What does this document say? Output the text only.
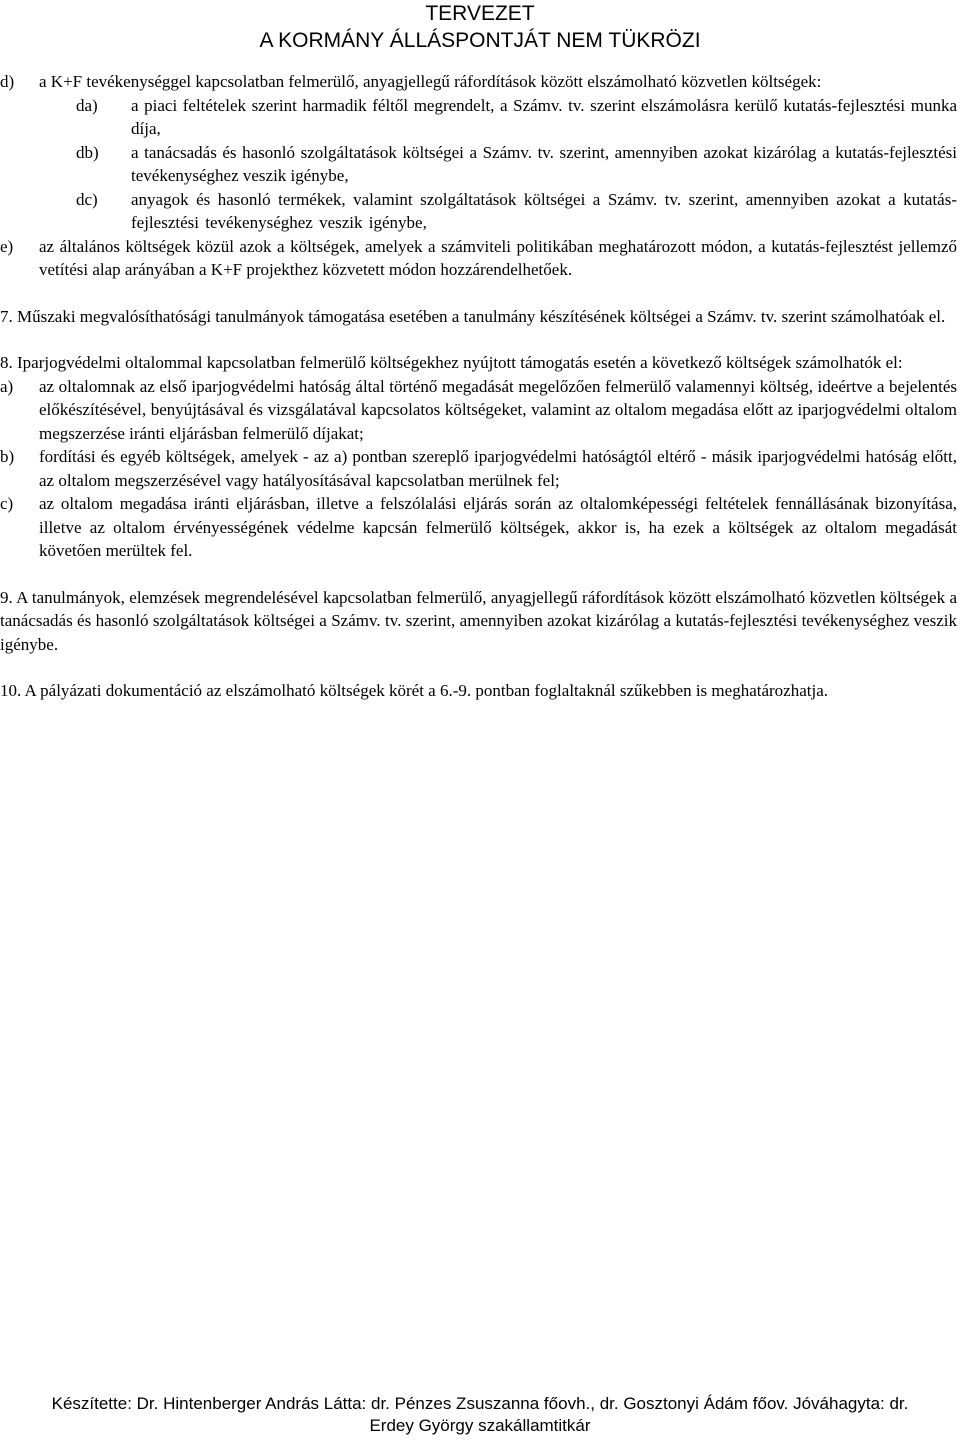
TERVEZET
A KORMÁNY ÁLLÁSPONTJÁT NEM TÜKRÖZI
d)	a K+F tevékenységgel kapcsolatban felmerülő, anyagjellegű ráfordítások között elszámolható közvetlen költségek:
da)	a piaci feltételek szerint harmadik féltől megrendelt, a Számv. tv. szerint elszámolásra kerülő kutatás-fejlesztési munka díja,
db)	a tanácsadás és hasonló szolgáltatások költségei a Számv. tv. szerint, amennyiben azokat kizárólag a kutatás-fejlesztési tevékenységhez veszik igénybe,
dc)	anyagok és hasonló termékek, valamint szolgáltatások költségei a Számv. tv. szerint, amennyiben azokat a kutatás-fejlesztési tevékenységhez veszik igénybe,
e)	az általános költségek közül azok a költségek, amelyek a számviteli politikában meghatározott módon, a kutatás-fejlesztést jellemző vetítési alap arányában a K+F projekthez közvetett módon hozzárendelhetőek.

7. Műszaki megvalósíthatósági tanulmányok támogatása esetében a tanulmány készítésének költségei a Számv. tv. szerint számolhatóak el.

8. Iparjogvédelmi oltalommal kapcsolatban felmerülő költségekhez nyújtott támogatás esetén a következő költségek számolhatók el:

a)	az oltalomnak az első iparjogvédelmi hatóság által történő megadását megelőzően felmerülő valamennyi költség, ideértve a bejelentés előkészítésével, benyújtásával és vizsgálatával kapcsolatos költségeket, valamint az oltalom megadása előtt az iparjogvédelmi oltalom megszerzése iránti eljárásban felmerülő díjakat;
b)	fordítási és egyéb költségek, amelyek - az a) pontban szereplő iparjogvédelmi hatóságtól eltérő - másik iparjogvédelmi hatóság előtt, az oltalom megszerzésével vagy hatályosításával kapcsolatban merülnek fel;
c)	az oltalom megadása iránti eljárásban, illetve a felszólalási eljárás során az oltalomképességi feltételek fennállásának bizonyítása, illetve az oltalom érvényességének védelme kapcsán felmerülő költségek, akkor is, ha ezek a költségek az oltalom megadását követően merültek fel.

9. A tanulmányok, elemzések megrendelésével kapcsolatban felmerülő, anyagjellegű ráfordítások között elszámolható közvetlen költségek a tanácsadás és hasonló szolgáltatások költségei a Számv. tv. szerint, amennyiben azokat kizárólag a kutatás-fejlesztési tevékenységhez veszik igénybe.

10. A pályázati dokumentáció az elszámolható költségek körét a 6.-9. pontban foglaltaknál szűkebben is meghatározhatja.

Készítette: Dr. Hintenberger András Látta: dr. Pénzes Zsuszanna főovh., dr. Gosztonyi Ádám főov. Jóváhagyta: dr.
Erdey György szakállamtitkár
